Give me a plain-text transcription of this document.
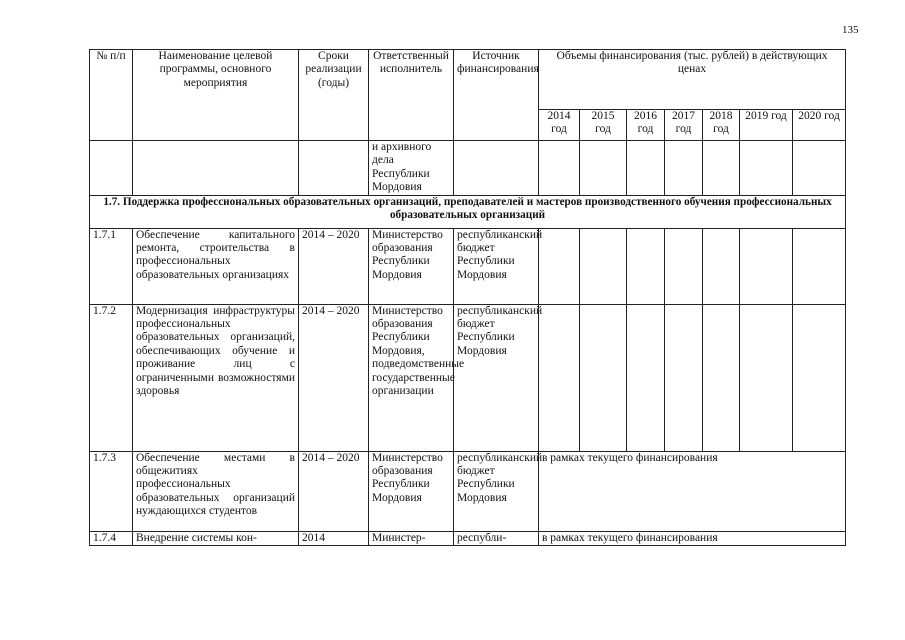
135
№ п/п	Наименование целевой программы, основного мероприятия	Сроки реализации (годы)	Ответственный исполнитель	Источник финансирования	Объемы финансирования (тыс. рублей) в действующих ценах						
					2014 год	2015 год	2016 год	2017 год	2018 год	2019 год	2020 год
			и архивного дела Республики Мордовия								
1.7. Поддержка профессиональных образовательных организаций, преподавателей и мастеров производственного обучения профессиональных образовательных организаций											
1.7.1	Обеспечение капитального ремонта, строительства в профессиональных образовательных организациях	2014 – 2020	Министерство образования Республики Мордовия	республиканский бюджет Республики Мордовия							
1.7.2	Модернизация инфраструктуры профессиональных образовательных организаций, обеспечивающих обучение и проживание лиц с ограниченными возможностями здоровья	2014 – 2020	Министерство образования Республики Мордовия, подведомственные государственные организации	республиканский бюджет Республики Мордовия							
1.7.3	Обеспечение местами в общежитиях профессиональных образовательных организаций нуждающихся студентов	2014 – 2020	Министерство образования Республики Мордовия	республиканский бюджет Республики Мордовия	в рамках текущего финансирования						
1.7.4	Внедрение системы кон-	2014	Министер-	республи-	в рамках текущего финансирования						
